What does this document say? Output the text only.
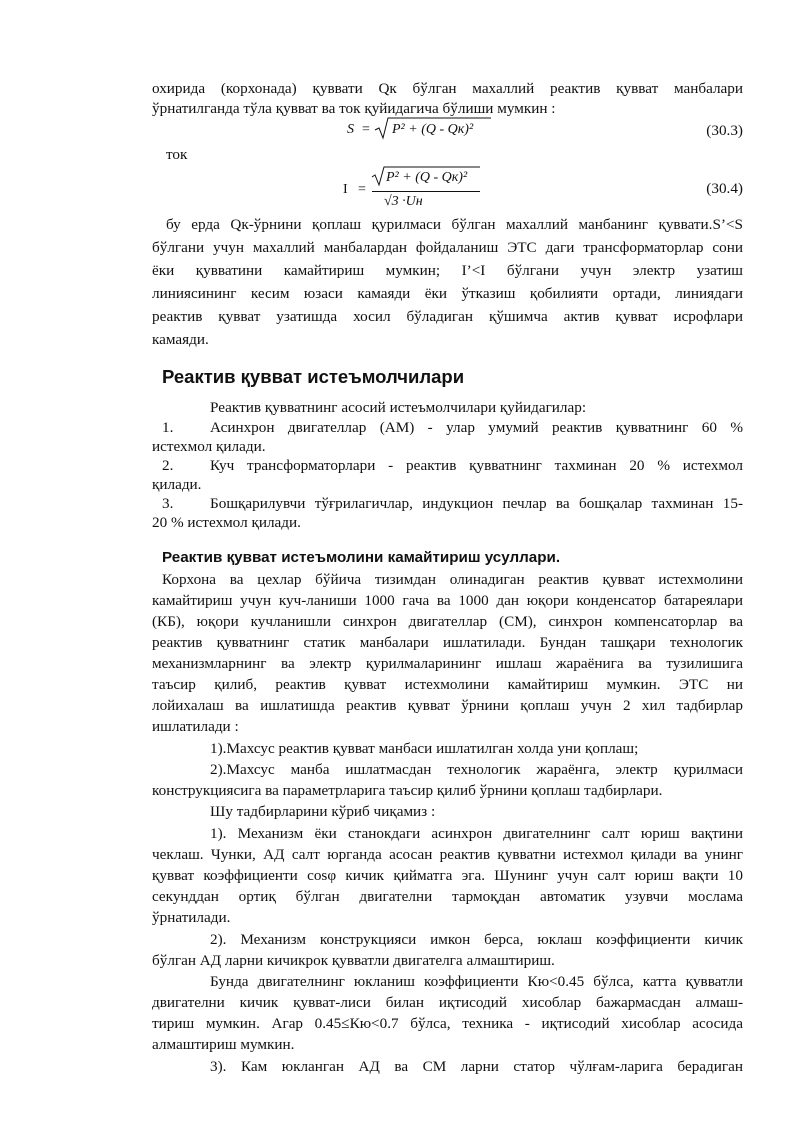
охирида (корхонада) қуввати Qк бўлган махаллий реактив қувват манбалари
ўрнатилганда тўла қувват ва ток қуйидагича бўлиши мумкин :
S = P² + (Q - Qк)²	(30.3)
ток
I =
P² + (Q - Qк)²
√3 ·Uн
(30.4)
бу ерда Qк-ўрнини қоплаш қурилмаси бўлган махаллий манбанинг қуввати.S’<S
бўлгани учун махаллий манбалардан фойдаланиш ЭТС даги трансформаторлар сони
ёки қувватини камайтириш мумкин; I’<I бўлгани учун электр узатиш
линиясининг кесим юзаси камаяди ёки ўтказиш қобилияти ортади, линиядаги
реактив қувват узатишда хосил бўладиган қўшимча актив қувват исрофлари
камаяди.
Реактив қувват истеъмолчилари
Реактив қувватнинг асосий истеъмолчилари қуйидагилар:
1.	Асинхрон двигателлар (АМ) - улар умумий реактив қувватнинг 60 %
истехмол қилади.
2.	Куч трансформаторлари - реактив қувватнинг тахминан 20 % истехмол
қилади.
3.	Бошқарилувчи тўғрилагичлар, индукцион печлар ва бошқалар тахминан 15-
20 % истехмол қилади.
Реактив қувват истеъмолини камайтириш усуллари.
Корхона ва цехлар бўйича тизимдан олинадиган реактив қувват истехмолини
камайтириш учун куч-ланиши 1000 гача ва 1000 дан юқори конденсатор батареялари
(КБ), юқори кучланишли синхрон двигателлар (СМ), синхрон компенсаторлар ва
реактив қувватнинг статик манбалари ишлатилади. Бундан ташқари технологик
механизмларнинг ва электр қурилмаларининг ишлаш жараёнига ва тузилишига
таъсир қилиб, реактив қувват истехмолини камайтириш мумкин. ЭТС ни
лойихалаш ва ишлатишда реактив қувват ўрнини қоплаш учун 2 хил тадбирлар
ишлатилади :
1).Махсус реактив қувват манбаси ишлатилган холда уни қоплаш;
2).Махсус манба ишлатмасдан технологик жараёнга, электр қурилмаси
конструкциясига ва параметрларига таъсир қилиб ўрнини қоплаш тадбирлари.
Шу тадбирларини кўриб чиқамиз :
1). Механизм ёки станокдаги асинхрон двигателнинг салт юриш вақтини
чеклаш. Чунки, АД салт юрганда асосан реактив қувватни истехмол қилади ва унинг
қувват коэффициенти cosφ кичик қийматга эга. Шунинг учун салт юриш вақти 10
секунддан ортиқ бўлган двигателни тармоқдан автоматик узувчи мослама
ўрнатилади.
2). Механизм конструкцияси имкон берса, юклаш коэффициенти кичик
бўлган АД ларни кичикрок қувватли двигателга алмаштириш.
Бунда двигателнинг юкланиш коэффициенти Кю<0.45 бўлса, катта қувватли
двигателни кичик қувват-лиси билан иқтисодий хисоблар бажармасдан алмаш-
тириш мумкин. Агар 0.45≤Кю<0.7 бўлса, техника - иқтисодий хисоблар асосида
алмаштириш мумкин.
3). Кам юкланган АД ва СМ ларни статор чўлғам-ларига берадиган
